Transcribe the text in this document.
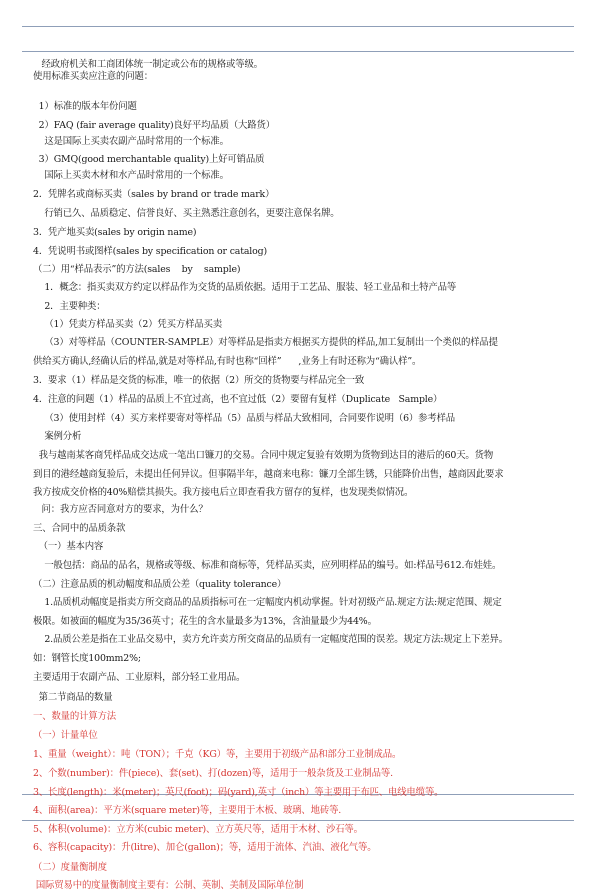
经政府机关和工商团体统一制定或公布的规格或等级。
使用标准买卖应注意的问题：
1）标准的版本年份问题
2）FAQ (fair average quality)良好平均品质（大路货）
这是国际上买卖农副产品时常用的一个标准。
3）GMQ(good merchantable quality)上好可销品质
国际上买卖木材和水产品时常用的一个标准。
2．凭牌名或商标买卖（sales by brand or trade mark）
行销已久、品质稳定、信誉良好、买主熟悉注意创名，更要注意保名牌。
3．凭产地买卖(sales by origin name)
4．凭说明书或图样(sales by specification or catalog)
（二）用“样品表示”的方法(sales    by    sample)
1．概念：指买卖双方约定以样品作为交货的品质依据。适用于工艺品、服装、轻工业品和土特产品等
2．主要种类：
（1）凭卖方样品买卖（2）凭买方样品买卖
（3）对等样品（COUNTER-SAMPLE）对等样品是指卖方根据买方提供的样品,加工复制出一个类似的样品提
供给买方确认,经确认后的样品,就是对等样品,有时也称“回样”      ,业务上有时还称为“确认样”。
3．要求（1）样品是交货的标准，唯一的依据（2）所交的货物要与样品完全一致
4．注意的问题（1）样品的品质上不宜过高，也不宜过低（2）要留有复样（Duplicate   Sample）
（3）使用封样（4）买方来样要寄对等样品（5）品质与样品大致相同，合同要作说明（6）参考样品
案例分析
我与越南某客商凭样品成交达成一笔出口镰刀的交易。合同中规定复验有效期为货物到达目的港后的60天。货物
到目的港经越商复验后，未提出任何异议。但事隔半年，越商来电称：镰刀全部生锈，只能降价出售，越商因此要求
我方按成交价格的40%赔偿其损失。我方接电后立即查看我方留存的复样，也发现类似情况。
问：我方应否同意对方的要求，为什么？
三、合同中的品质条款
（一）基本内容
一般包括：商品的品名，规格或等级、标准和商标等，凭样品买卖，应列明样品的编号。如:样品号612.布娃娃。
（二）注意品质的机动幅度和品质公差（quality tolerance）
1.品质机动幅度是指卖方所交商品的品质指标可在一定幅度内机动掌握。针对初级产品.规定方法:规定范围、规定
极限。如被面的幅度为35/36英寸；花生的含水量最多为13%，含油量最少为44%。
2.品质公差是指在工业品交易中，卖方允许卖方所交商品的品质有一定幅度范围的误差。规定方法:规定上下差异。
如：钢管长度100mm2%;
主要适用于农副产品、工业原料，部分轻工业用品。
第二节商品的数量
一、数量的计算方法
（一）计量单位
1、重量（weight）：吨（TON）；千克（KG）等，主要用于初级产品和部分工业制成品。
2、个数(number)：件(piece)、套(set)、打(dozen)等，适用于一般杂货及工业制品等.
3、长度(length)：米(meter)；英尺(foot)；码(yard),英寸（inch）等主要用于布匹、电线电缆等。
4、面积(area)：平方米(square meter)等，主要用于木板、玻璃、地砖等.
5、体积(volume)：立方米(cubic meter)、立方英尺等，适用于木材、沙石等。
6、容积(capacity)：升(litre)、加仑(gallon)；等，适用于流体、汽油、液化气等。
（二）度量衡制度
国际贸易中的度量衡制度主要有：公制、英制、美制及国际单位制
